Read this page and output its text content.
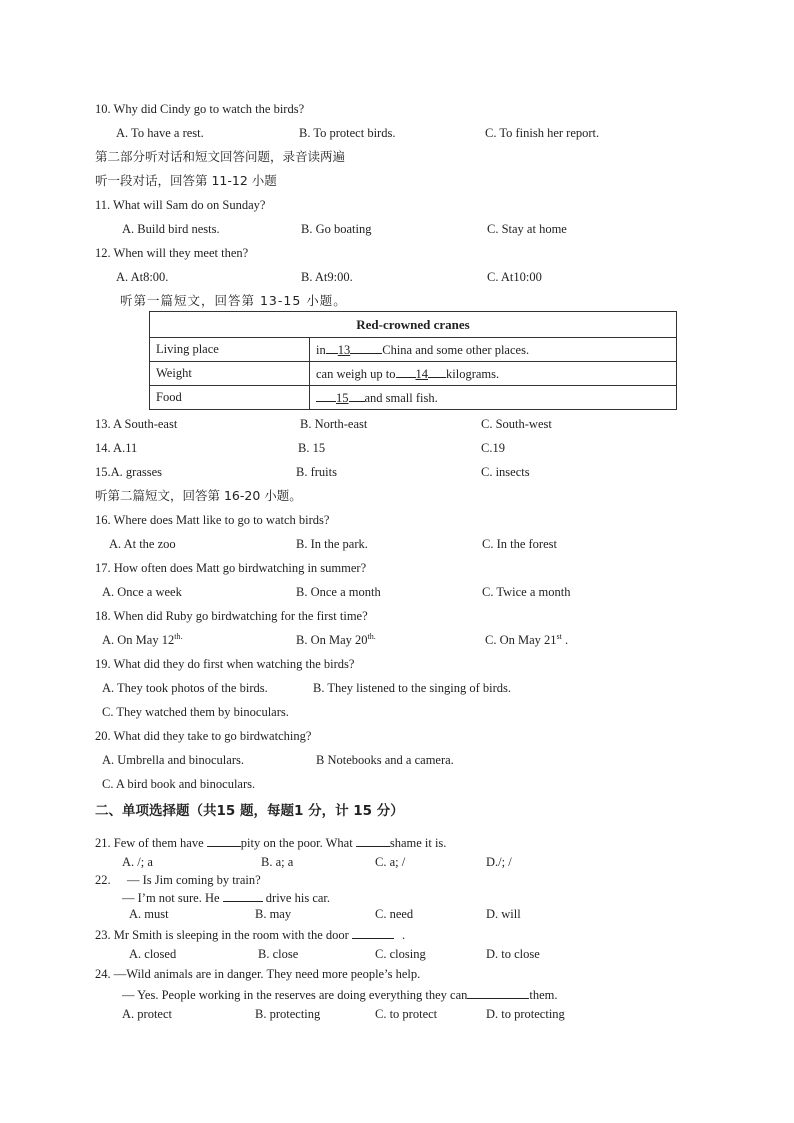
10. Why did Cindy go to watch the birds?
A. To have a rest.	B. To protect birds.	C. To finish her report.
第二部分听对话和短文回答问题，录音读两遍
听一段对话，回答第 11-12 小题
11. What will Sam do on Sunday?
A. Build bird nests.	B. Go boating	C. Stay at home
12. When will they meet then?
A. At8:00.	B. At9:00.	C. At10:00
听第一篇短文，回答第 13-15 小题。
Red-crowned cranes	
Living place	in 13 China and some other places.
Weight	can weigh up to 14 kilograms.
Food	15 and small fish.
13. A South-east	B. North-east	C. South-west
14. A.11	B. 15	C.19
15.A. grasses	B. fruits	C. insects
听第二篇短文，回答第 16-20 小题。
16. Where does Matt like to go to watch birds?
A. At the zoo	B. In the park.	C. In the forest
17. How often does Matt go birdwatching in summer?
A. Once a week	B. Once a month	C. Twice a month
18. When did Ruby go birdwatching for the first time?
A. On May $12^{th.}$	B. On May $20^{th.}$	C. On May 21st .
19. What did they do first when watching the birds?
A. They took photos of the birds.	B. They listened to the singing of birds.
C. They watched them by binoculars.
20. What did they take to go birdwatching?
A. Umbrella and binoculars.	B Notebooks and a camera.
C. A bird book and binoculars.
二、单项选择题（共15 题，每题1 分，计 15 分）
21. Few of them have	pity on the poor. What	shame it is.
A. /; a	B. a; a	C. a; /	D./; /
22. — Is Jim coming by train?
— I’m not sure. He	drive his car.
A. must	B. may	C. need	D. will
23. Mr Smith is sleeping in the room with the door	.
A. closed	B. close	C. closing	D. to close
24. —Wild animals are in danger. They need more people’s help.
— Yes. People working in the reserves are doing everything they can	them.
A. protect	B. protecting	C. to protect	D. to protecting
